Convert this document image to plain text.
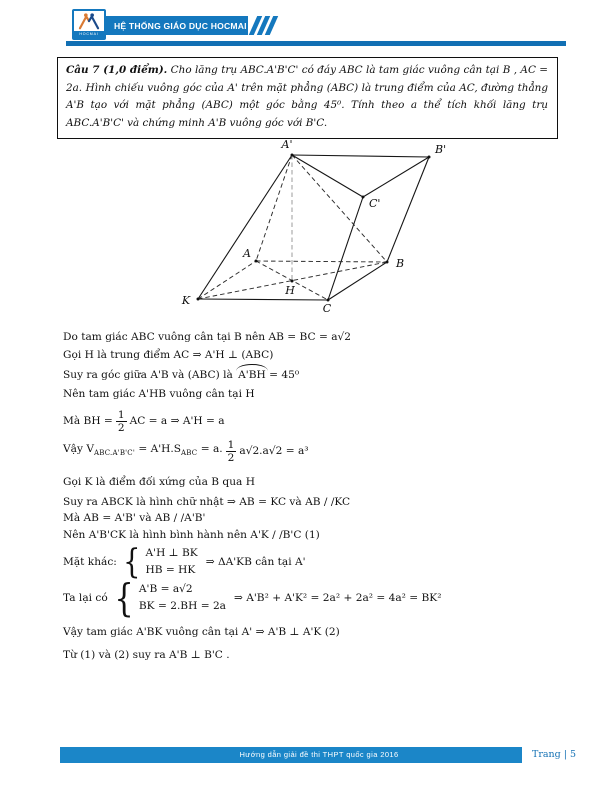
HOCMAI
HỆ THỐNG GIÁO DỤC HOCMAI

Câu 7 (1,0 điểm). Cho lăng trụ ABC.A'B'C' có đáy ABC là tam giác vuông cân tại B , AC = 2a. Hình chiếu vuông góc của A' trên mặt phẳng (ABC) là trung điểm của AC, đường thẳng A'B tạo với mặt phẳng (ABC) một góc bằng 45⁰. Tính theo a thể tích khối lăng trụ ABC.A'B'C' và chứng minh A'B vuông góc với B'C.

A'	B'
C'
A
B
H
K
C
Do tam giác ABC vuông cân tại B nên AB = BC = a√2
Gọi H là trung điểm AC ⇒ A'H ⊥ (ABC)
Suy ra góc giữa A'B và (ABC) là A'BH = 45⁰
Nên tam giác A'HB vuông cân tại H
Mà BH = $\frac{1}{2}$ AC = a ⇒ A'H = a
Vậy $V_{ABC.A'B'C'} = A'H.S_{ABC} = a$. $\frac{1}{2} a√2.a√2 = a^3$
Gọi K là điểm đối xứng của B qua H
Suy ra ABCK là hình chữ nhật ⇒ AB = KC và AB / /KC
Mà AB = A'B' và AB / /A'B'
Nên A'B'CK là hình bình hành nên A'K / /B'C (1)
Mặt khác: { A'H ⊥ BK
HB = HK
⇒ ΔA'KB cân tại A'
Ta lại có { A'B = a√2
BK = 2.BH = 2a
⇒ A'B² + A'K² = 2a² + 2a² = 4a² = BK²
Vậy tam giác A'BK vuông cân tại A' ⇒ A'B ⊥ A'K (2)
Từ (1) và (2) suy ra A'B ⊥ B'C .
Hướng dẫn giải đề thi THPT quốc gia 2016	Trang | 5
